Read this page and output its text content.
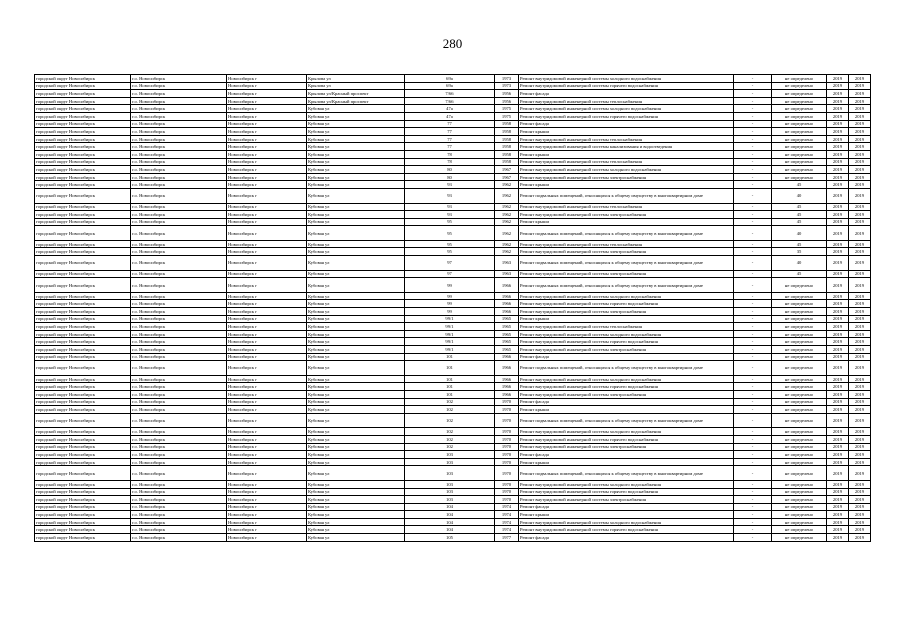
280
городской округ Новосибирск	г.о. Новосибирск	Новосибирск г	Крылова ул	69а	1973	Ремонт внутридомовой инженерной системы холодного водоснабжения	-	не определено	2019	2019
городской округ Новосибирск	г.о. Новосибирск	Новосибирск г	Крылова ул	69а	1973	Ремонт внутридомовой инженерной системы горячего водоснабжения	-	не определено	2019	2019
городской округ Новосибирск	г.о. Новосибирск	Новосибирск г	Крылова ул/Красный проспект	7/66	1956	Ремонт фасада	-	не определено	2019	2019
городской округ Новосибирск	г.о. Новосибирск	Новосибирск г	Крылова ул/Красный проспект	7/66	1956	Ремонт внутридомовой инженерной системы теплоснабжения	-	не определено	2019	2019
городской округ Новосибирск	г.о. Новосибирск	Новосибирск г	Кубовая ул	47а	1975	Ремонт внутридомовой инженерной системы холодного водоснабжения	-	не определено	2019	2019
городской округ Новосибирск	г.о. Новосибирск	Новосибирск г	Кубовая ул	47а	1975	Ремонт внутридомовой инженерной системы горячего водоснабжения	-	не определено	2019	2019
городской округ Новосибирск	г.о. Новосибирск	Новосибирск г	Кубовая ул	77	1958	Ремонт фасада	-	не определено	2019	2019
городской округ Новосибирск	г.о. Новосибирск	Новосибирск г	Кубовая ул	77	1958	Ремонт крыши	-	не определено	2019	2019
городской округ Новосибирск	г.о. Новосибирск	Новосибирск г	Кубовая ул	77	1958	Ремонт внутридомовой инженерной системы теплоснабжения	-	не определено	2019	2019
городской округ Новосибирск	г.о. Новосибирск	Новосибирск г	Кубовая ул	77	1958	Ремонт внутридомовой инженерной системы канализования и водоотведения	-	не определено	2019	2019
городской округ Новосибирск	г.о. Новосибирск	Новосибирск г	Кубовая ул	78	1958	Ремонт крыши	-	не определено	2019	2019
городской округ Новосибирск	г.о. Новосибирск	Новосибирск г	Кубовая ул	78	1958	Ремонт внутридомовой инженерной системы теплоснабжения	-	не определено	2019	2019
городской округ Новосибирск	г.о. Новосибирск	Новосибирск г	Кубовая ул	80	1967	Ремонт внутридомовой инженерной системы холодного водоснабжения	-	не определено	2019	2019
городской округ Новосибирск	г.о. Новосибирск	Новосибирск г	Кубовая ул	80	1967	Ремонт внутридомовой инженерной системы электроснабжения	-	не определено	2019	2019
городской округ Новосибирск	г.о. Новосибирск	Новосибирск г	Кубовая ул	93	1962	Ремонт крыши	-	45	2019	2019
городской округ Новосибирск	г.о. Новосибирск	Новосибирск г	Кубовая ул	93	1962	Ремонт подвальных помещений, относящихся к общему имуществу в многоквартирном доме	-	40	2019	2019
городской округ Новосибирск	г.о. Новосибирск	Новосибирск г	Кубовая ул	93	1962	Ремонт внутридомовой инженерной системы теплоснабжения	-	45	2019	2019
городской округ Новосибирск	г.о. Новосибирск	Новосибирск г	Кубовая ул	93	1962	Ремонт внутридомовой инженерной системы электроснабжения	-	45	2019	2019
городской округ Новосибирск	г.о. Новосибирск	Новосибирск г	Кубовая ул	95	1962	Ремонт крыши	-	45	2019	2019
городской округ Новосибирск	г.о. Новосибирск	Новосибирск г	Кубовая ул	95	1962	Ремонт подвальных помещений, относящихся к общему имуществу в многоквартирном доме	-	40	2019	2019
городской округ Новосибирск	г.о. Новосибирск	Новосибирск г	Кубовая ул	95	1962	Ремонт внутридомовой инженерной системы теплоснабжения	-	45	2019	2019
городской округ Новосибирск	г.о. Новосибирск	Новосибирск г	Кубовая ул	95	1962	Ремонт внутридомовой инженерной системы электроснабжения	-	35	2019	2019
городской округ Новосибирск	г.о. Новосибирск	Новосибирск г	Кубовая ул	97	1963	Ремонт подвальных помещений, относящихся к общему имуществу в многоквартирном доме	-	40	2019	2019
городской округ Новосибирск	г.о. Новосибирск	Новосибирск г	Кубовая ул	97	1963	Ремонт внутридомовой инженерной системы электроснабжения	-	45	2019	2019
городской округ Новосибирск	г.о. Новосибирск	Новосибирск г	Кубовая ул	99	1966	Ремонт подвальных помещений, относящихся к общему имуществу в многоквартирном доме	-	не определено	2019	2019
городской округ Новосибирск	г.о. Новосибирск	Новосибирск г	Кубовая ул	99	1966	Ремонт внутридомовой инженерной системы холодного водоснабжения	-	не определено	2019	2019
городской округ Новосибирск	г.о. Новосибирск	Новосибирск г	Кубовая ул	99	1966	Ремонт внутридомовой инженерной системы горячего водоснабжения	-	не определено	2019	2019
городской округ Новосибирск	г.о. Новосибирск	Новосибирск г	Кубовая ул	99	1966	Ремонт внутридомовой инженерной системы электроснабжения	-	не определено	2019	2019
городской округ Новосибирск	г.о. Новосибирск	Новосибирск г	Кубовая ул	99/1	1965	Ремонт крыши	-	не определено	2019	2019
городской округ Новосибирск	г.о. Новосибирск	Новосибирск г	Кубовая ул	99/1	1965	Ремонт внутридомовой инженерной системы теплоснабжения	-	не определено	2019	2019
городской округ Новосибирск	г.о. Новосибирск	Новосибирск г	Кубовая ул	99/1	1965	Ремонт внутридомовой инженерной системы холодного водоснабжения	-	не определено	2019	2019
городской округ Новосибирск	г.о. Новосибирск	Новосибирск г	Кубовая ул	99/1	1965	Ремонт внутридомовой инженерной системы горячего водоснабжения	-	не определено	2019	2019
городской округ Новосибирск	г.о. Новосибирск	Новосибирск г	Кубовая ул	99/1	1965	Ремонт внутридомовой инженерной системы электроснабжения	-	не определено	2019	2019
городской округ Новосибирск	г.о. Новосибирск	Новосибирск г	Кубовая ул	101	1966	Ремонт фасада	-	не определено	2019	2019
городской округ Новосибирск	г.о. Новосибирск	Новосибирск г	Кубовая ул	101	1966	Ремонт подвальных помещений, относящихся к общему имуществу в многоквартирном доме	-	не определено	2019	2019
городской округ Новосибирск	г.о. Новосибирск	Новосибирск г	Кубовая ул	101	1966	Ремонт внутридомовой инженерной системы холодного водоснабжения	-	не определено	2019	2019
городской округ Новосибирск	г.о. Новосибирск	Новосибирск г	Кубовая ул	101	1966	Ремонт внутридомовой инженерной системы горячего водоснабжения	-	не определено	2019	2019
городской округ Новосибирск	г.о. Новосибирск	Новосибирск г	Кубовая ул	101	1966	Ремонт внутридомовой инженерной системы электроснабжения	-	не определено	2019	2019
городской округ Новосибирск	г.о. Новосибирск	Новосибирск г	Кубовая ул	102	1970	Ремонт фасада	-	не определено	2019	2019
городской округ Новосибирск	г.о. Новосибирск	Новосибирск г	Кубовая ул	102	1970	Ремонт крыши	-	не определено	2019	2019
городской округ Новосибирск	г.о. Новосибирск	Новосибирск г	Кубовая ул	102	1970	Ремонт подвальных помещений, относящихся к общему имуществу в многоквартирном доме	-	не определено	2019	2019
городской округ Новосибирск	г.о. Новосибирск	Новосибирск г	Кубовая ул	102	1970	Ремонт внутридомовой инженерной системы холодного водоснабжения	-	не определено	2019	2019
городской округ Новосибирск	г.о. Новосибирск	Новосибирск г	Кубовая ул	102	1970	Ремонт внутридомовой инженерной системы горячего водоснабжения	-	не определено	2019	2019
городской округ Новосибирск	г.о. Новосибирск	Новосибирск г	Кубовая ул	102	1970	Ремонт внутридомовой инженерной системы электроснабжения	-	не определено	2019	2019
городской округ Новосибирск	г.о. Новосибирск	Новосибирск г	Кубовая ул	103	1970	Ремонт фасада	-	не определено	2019	2019
городской округ Новосибирск	г.о. Новосибирск	Новосибирск г	Кубовая ул	103	1970	Ремонт крыши	-	не определено	2019	2019
городской округ Новосибирск	г.о. Новосибирск	Новосибирск г	Кубовая ул	103	1970	Ремонт подвальных помещений, относящихся к общему имуществу в многоквартирном доме	-	не определено	2019	2019
городской округ Новосибирск	г.о. Новосибирск	Новосибирск г	Кубовая ул	103	1970	Ремонт внутридомовой инженерной системы холодного водоснабжения	-	не определено	2019	2019
городской округ Новосибирск	г.о. Новосибирск	Новосибирск г	Кубовая ул	103	1970	Ремонт внутридомовой инженерной системы горячего водоснабжения	-	не определено	2019	2019
городской округ Новосибирск	г.о. Новосибирск	Новосибирск г	Кубовая ул	103	1970	Ремонт внутридомовой инженерной системы электроснабжения	-	не определено	2019	2019
городской округ Новосибирск	г.о. Новосибирск	Новосибирск г	Кубовая ул	104	1974	Ремонт фасада	-	не определено	2019	2019
городской округ Новосибирск	г.о. Новосибирск	Новосибирск г	Кубовая ул	104	1974	Ремонт крыши	-	не определено	2019	2019
городской округ Новосибирск	г.о. Новосибирск	Новосибирск г	Кубовая ул	104	1974	Ремонт внутридомовой инженерной системы холодного водоснабжения	-	не определено	2019	2019
городской округ Новосибирск	г.о. Новосибирск	Новосибирск г	Кубовая ул	104	1974	Ремонт внутридомовой инженерной системы горячего водоснабжения	-	не определено	2019	2019
городской округ Новосибирск	г.о. Новосибирск	Новосибирск г	Кубовая ул	105	1977	Ремонт фасада	-	не определено	2019	2019
